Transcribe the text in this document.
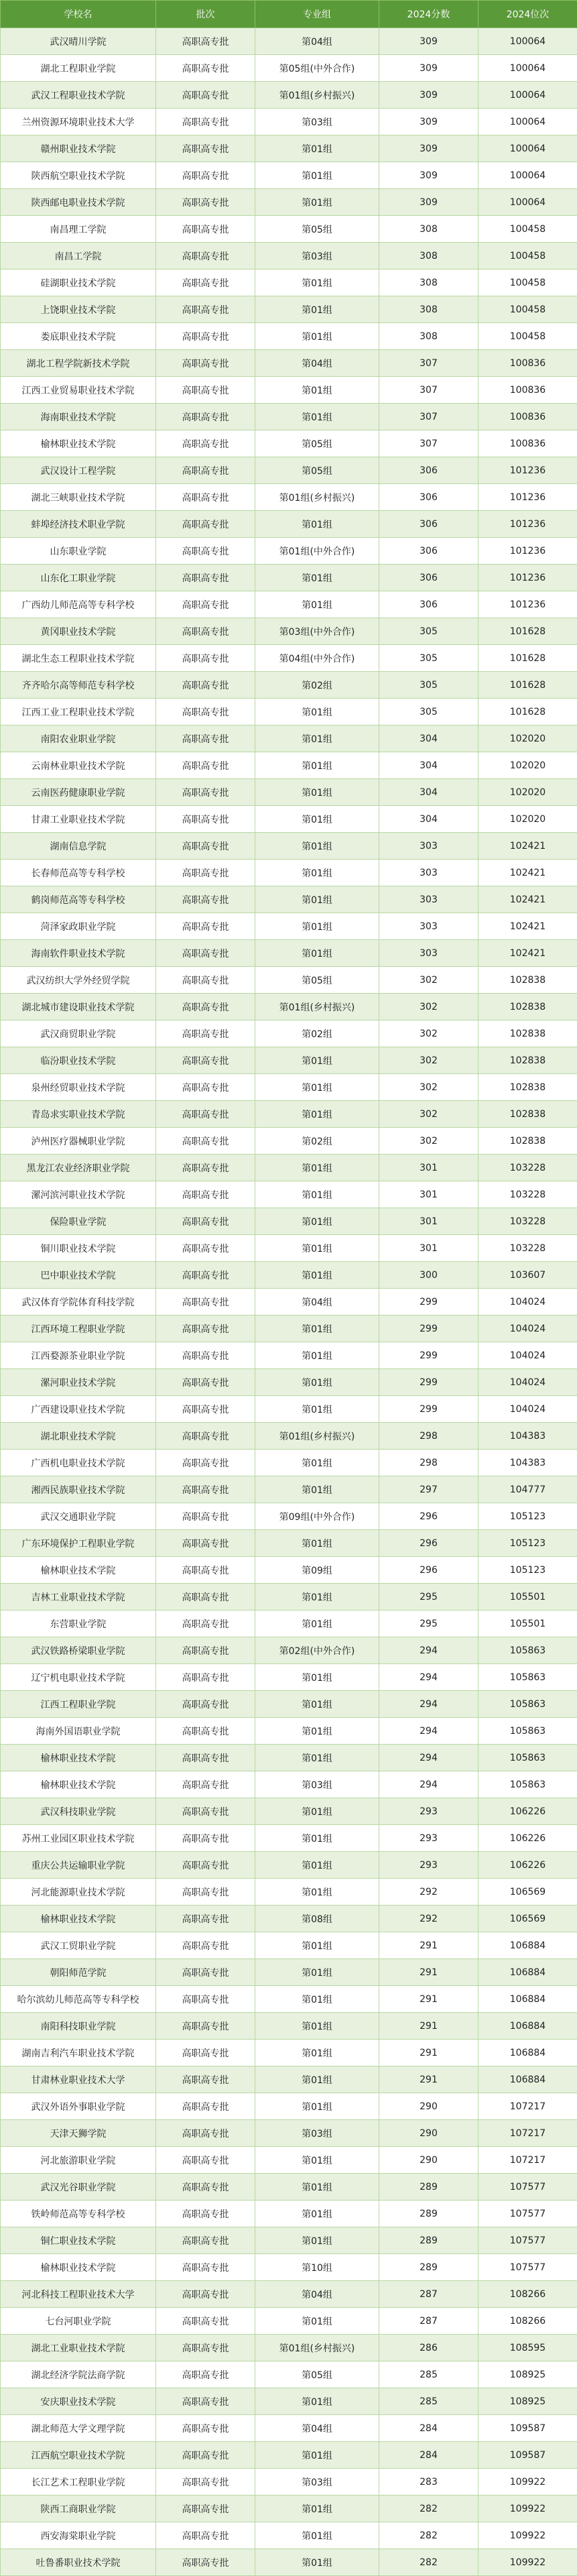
学校名	批次	专业组	2024分数	2024位次
武汉晴川学院	高职高专批	第04组	309	100064
湖北工程职业学院	高职高专批	第05组(中外合作)	309	100064
武汉工程职业技术学院	高职高专批	第01组(乡村振兴)	309	100064
兰州资源环境职业技术大学	高职高专批	第03组	309	100064
赣州职业技术学院	高职高专批	第01组	309	100064
陕西航空职业技术学院	高职高专批	第01组	309	100064
陕西邮电职业技术学院	高职高专批	第01组	309	100064
南昌理工学院	高职高专批	第05组	308	100458
南昌工学院	高职高专批	第03组	308	100458
硅湖职业技术学院	高职高专批	第01组	308	100458
上饶职业技术学院	高职高专批	第01组	308	100458
娄底职业技术学院	高职高专批	第01组	308	100458
湖北工程学院新技术学院	高职高专批	第04组	307	100836
江西工业贸易职业技术学院	高职高专批	第01组	307	100836
海南职业技术学院	高职高专批	第01组	307	100836
榆林职业技术学院	高职高专批	第05组	307	100836
武汉设计工程学院	高职高专批	第05组	306	101236
湖北三峡职业技术学院	高职高专批	第01组(乡村振兴)	306	101236
蚌埠经济技术职业学院	高职高专批	第01组	306	101236
山东职业学院	高职高专批	第01组(中外合作)	306	101236
山东化工职业学院	高职高专批	第01组	306	101236
广西幼儿师范高等专科学校	高职高专批	第01组	306	101236
黄冈职业技术学院	高职高专批	第03组(中外合作)	305	101628
湖北生态工程职业技术学院	高职高专批	第04组(中外合作)	305	101628
齐齐哈尔高等师范专科学校	高职高专批	第02组	305	101628
江西工业工程职业技术学院	高职高专批	第01组	305	101628
南阳农业职业学院	高职高专批	第01组	304	102020
云南林业职业技术学院	高职高专批	第01组	304	102020
云南医药健康职业学院	高职高专批	第01组	304	102020
甘肃工业职业技术学院	高职高专批	第01组	304	102020
湖南信息学院	高职高专批	第01组	303	102421
长春师范高等专科学校	高职高专批	第01组	303	102421
鹤岗师范高等专科学校	高职高专批	第01组	303	102421
菏泽家政职业学院	高职高专批	第01组	303	102421
海南软件职业技术学院	高职高专批	第01组	303	102421
武汉纺织大学外经贸学院	高职高专批	第05组	302	102838
湖北城市建设职业技术学院	高职高专批	第01组(乡村振兴)	302	102838
武汉商贸职业学院	高职高专批	第02组	302	102838
临汾职业技术学院	高职高专批	第01组	302	102838
泉州经贸职业技术学院	高职高专批	第01组	302	102838
青岛求实职业技术学院	高职高专批	第01组	302	102838
泸州医疗器械职业学院	高职高专批	第02组	302	102838
黑龙江农业经济职业学院	高职高专批	第01组	301	103228
漯河滨河职业技术学院	高职高专批	第01组	301	103228
保险职业学院	高职高专批	第01组	301	103228
铜川职业技术学院	高职高专批	第01组	301	103228
巴中职业技术学院	高职高专批	第01组	300	103607
武汉体育学院体育科技学院	高职高专批	第04组	299	104024
江西环境工程职业学院	高职高专批	第01组	299	104024
江西婺源茶业职业学院	高职高专批	第01组	299	104024
漯河职业技术学院	高职高专批	第01组	299	104024
广西建设职业技术学院	高职高专批	第01组	299	104024
湖北职业技术学院	高职高专批	第01组(乡村振兴)	298	104383
广西机电职业技术学院	高职高专批	第01组	298	104383
湘西民族职业技术学院	高职高专批	第01组	297	104777
武汉交通职业学院	高职高专批	第09组(中外合作)	296	105123
广东环境保护工程职业学院	高职高专批	第01组	296	105123
榆林职业技术学院	高职高专批	第09组	296	105123
吉林工业职业技术学院	高职高专批	第01组	295	105501
东营职业学院	高职高专批	第01组	295	105501
武汉铁路桥梁职业学院	高职高专批	第02组(中外合作)	294	105863
辽宁机电职业技术学院	高职高专批	第01组	294	105863
江西工程职业学院	高职高专批	第01组	294	105863
海南外国语职业学院	高职高专批	第01组	294	105863
榆林职业技术学院	高职高专批	第01组	294	105863
榆林职业技术学院	高职高专批	第03组	294	105863
武汉科技职业学院	高职高专批	第01组	293	106226
苏州工业园区职业技术学院	高职高专批	第01组	293	106226
重庆公共运输职业学院	高职高专批	第01组	293	106226
河北能源职业技术学院	高职高专批	第01组	292	106569
榆林职业技术学院	高职高专批	第08组	292	106569
武汉工贸职业学院	高职高专批	第01组	291	106884
朝阳师范学院	高职高专批	第01组	291	106884
哈尔滨幼儿师范高等专科学校	高职高专批	第01组	291	106884
南阳科技职业学院	高职高专批	第01组	291	106884
湖南吉利汽车职业技术学院	高职高专批	第01组	291	106884
甘肃林业职业技术大学	高职高专批	第01组	291	106884
武汉外语外事职业学院	高职高专批	第01组	290	107217
天津天狮学院	高职高专批	第03组	290	107217
河北旅游职业学院	高职高专批	第01组	290	107217
武汉光谷职业学院	高职高专批	第01组	289	107577
铁岭师范高等专科学校	高职高专批	第01组	289	107577
铜仁职业技术学院	高职高专批	第01组	289	107577
榆林职业技术学院	高职高专批	第10组	289	107577
河北科技工程职业技术大学	高职高专批	第04组	287	108266
七台河职业学院	高职高专批	第01组	287	108266
湖北工业职业技术学院	高职高专批	第01组(乡村振兴)	286	108595
湖北经济学院法商学院	高职高专批	第05组	285	108925
安庆职业技术学院	高职高专批	第01组	285	108925
湖北师范大学文理学院	高职高专批	第04组	284	109587
江西航空职业技术学院	高职高专批	第01组	284	109587
长江艺术工程职业学院	高职高专批	第03组	283	109922
陕西工商职业学院	高职高专批	第01组	282	109922
西安海棠职业学院	高职高专批	第01组	282	109922
吐鲁番职业技术学院	高职高专批	第01组	282	109922
